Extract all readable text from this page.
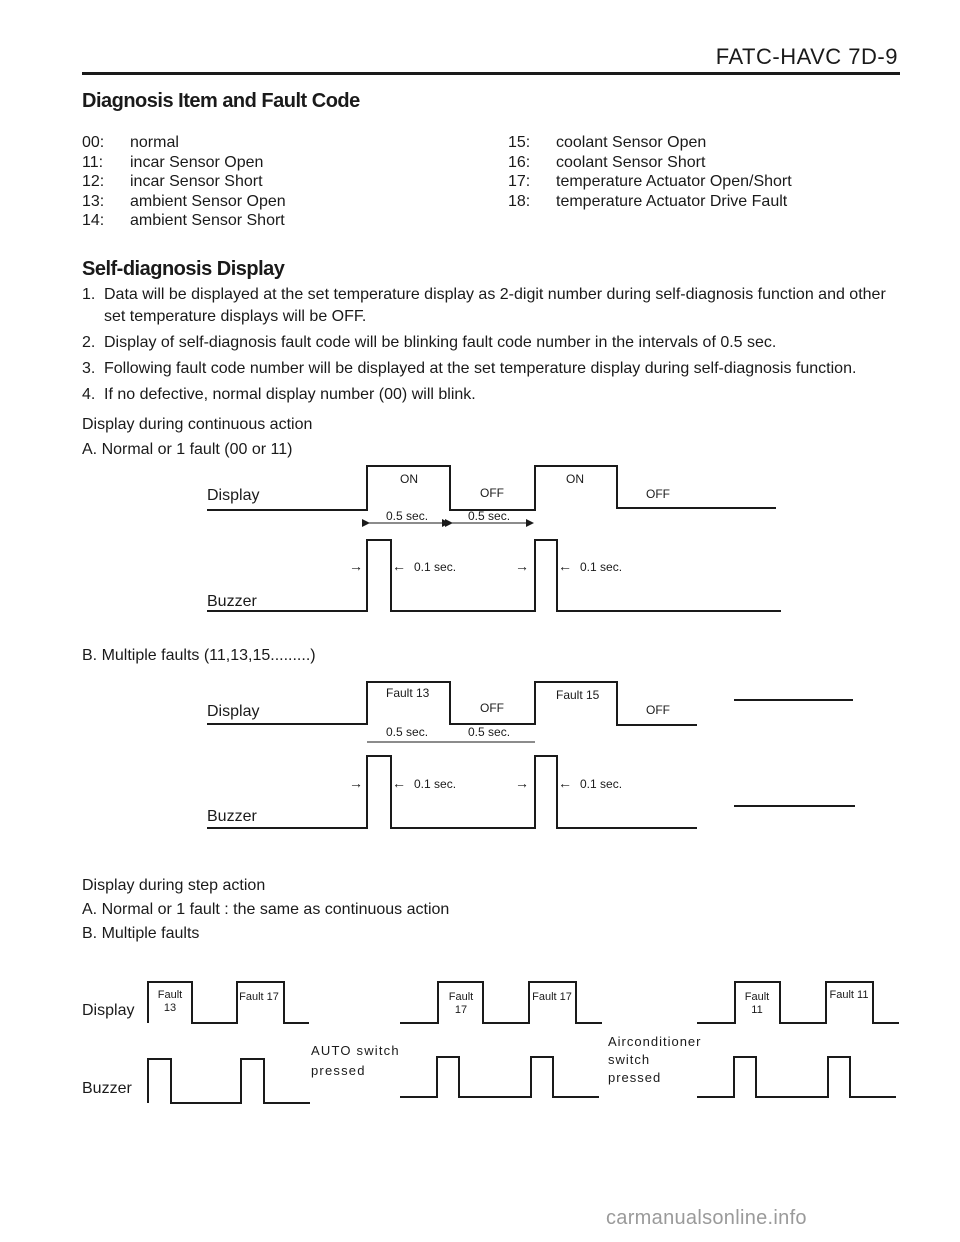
FATC-HAVC 7D-9
Diagnosis Item and Fault Code
00:	normal
11:	incar Sensor Open
12:	incar Sensor Short
13:	ambient Sensor Open
14:	ambient Sensor Short
15:	coolant Sensor Open
16:	coolant Sensor Short
17:	temperature Actuator Open/Short
18:	temperature Actuator Drive Fault
Self-diagnosis Display
1. Data will be displayed at the set temperature display as 2-digit number during self-diagnosis function and other set temperature displays will be OFF.
2. Display of self-diagnosis fault code will be blinking fault code number in the intervals of 0.5 sec.
3. Following fault code number will be displayed at the set temperature display during self-diagnosis function.
4. If no defective, normal display number (00) will blink.
Display during continuous action
A. Normal or 1 fault (00 or 11)
B. Multiple faults (11,13,15.........)
Display during step action
A. Normal or 1 fault : the same as continuous action
B. Multiple faults
Display
ON
OFF
ON
OFF
0.5 sec.	0.5 sec.
Buzzer
→ ← 0.1 sec.	→ ← 0.1 sec.
Display
Fault 13
OFF
Fault 15
OFF
0.5 sec.	0.5 sec.
Buzzer
→ ← 0.1 sec.	→ ← 0.1 sec.
Display
Buzzer
Fault
13
Fault 17
AUTO switch
pressed
Fault
17
Fault 17
Airconditioner
switch
pressed
Fault
11
Fault 11
carmanualsonline.info
